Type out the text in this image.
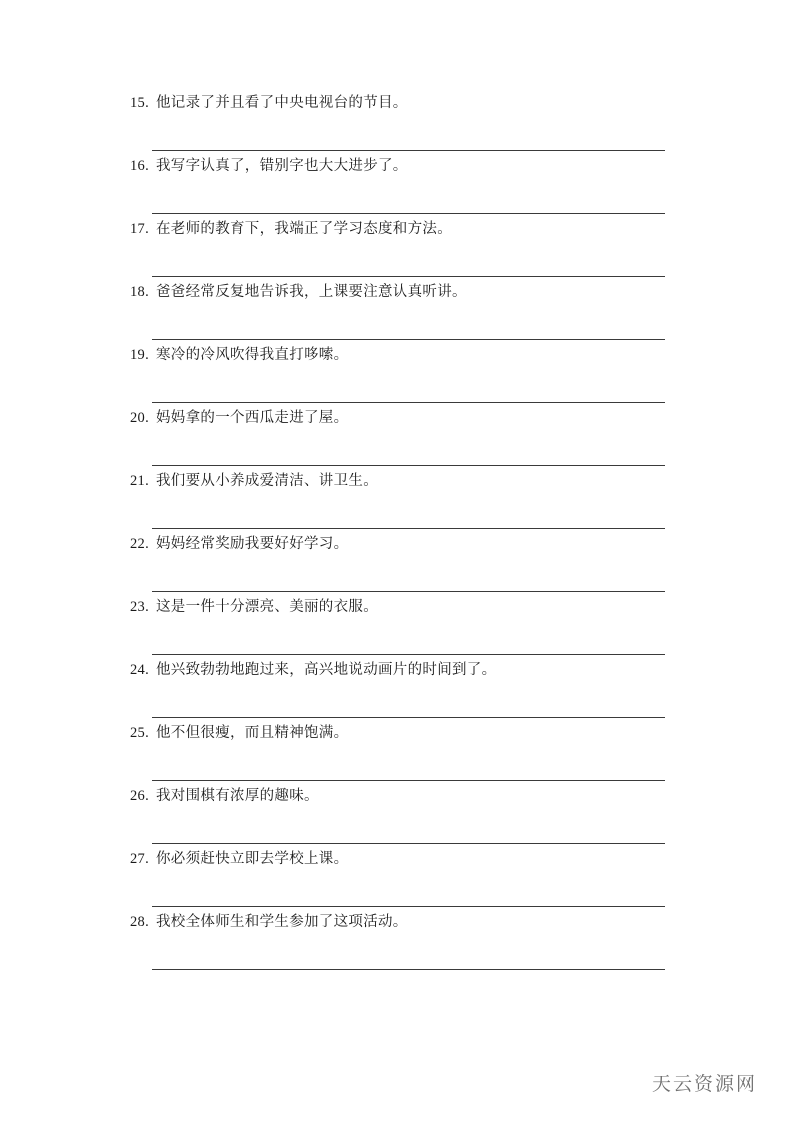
15. 他记录了并且看了中央电视台的节目。
16. 我写字认真了，错别字也大大进步了。
17. 在老师的教育下，我端正了学习态度和方法。
18. 爸爸经常反复地告诉我，上课要注意认真听讲。
19. 寒冷的冷风吹得我直打哆嗦。
20. 妈妈拿的一个西瓜走进了屋。
21. 我们要从小养成爱清洁、讲卫生。
22. 妈妈经常奖励我要好好学习。
23. 这是一件十分漂亮、美丽的衣服。
24. 他兴致勃勃地跑过来，高兴地说动画片的时间到了。
25. 他不但很瘦，而且精神饱满。
26. 我对围棋有浓厚的趣味。
27. 你必须赶快立即去学校上课。
28. 我校全体师生和学生参加了这项活动。
天云资源网
